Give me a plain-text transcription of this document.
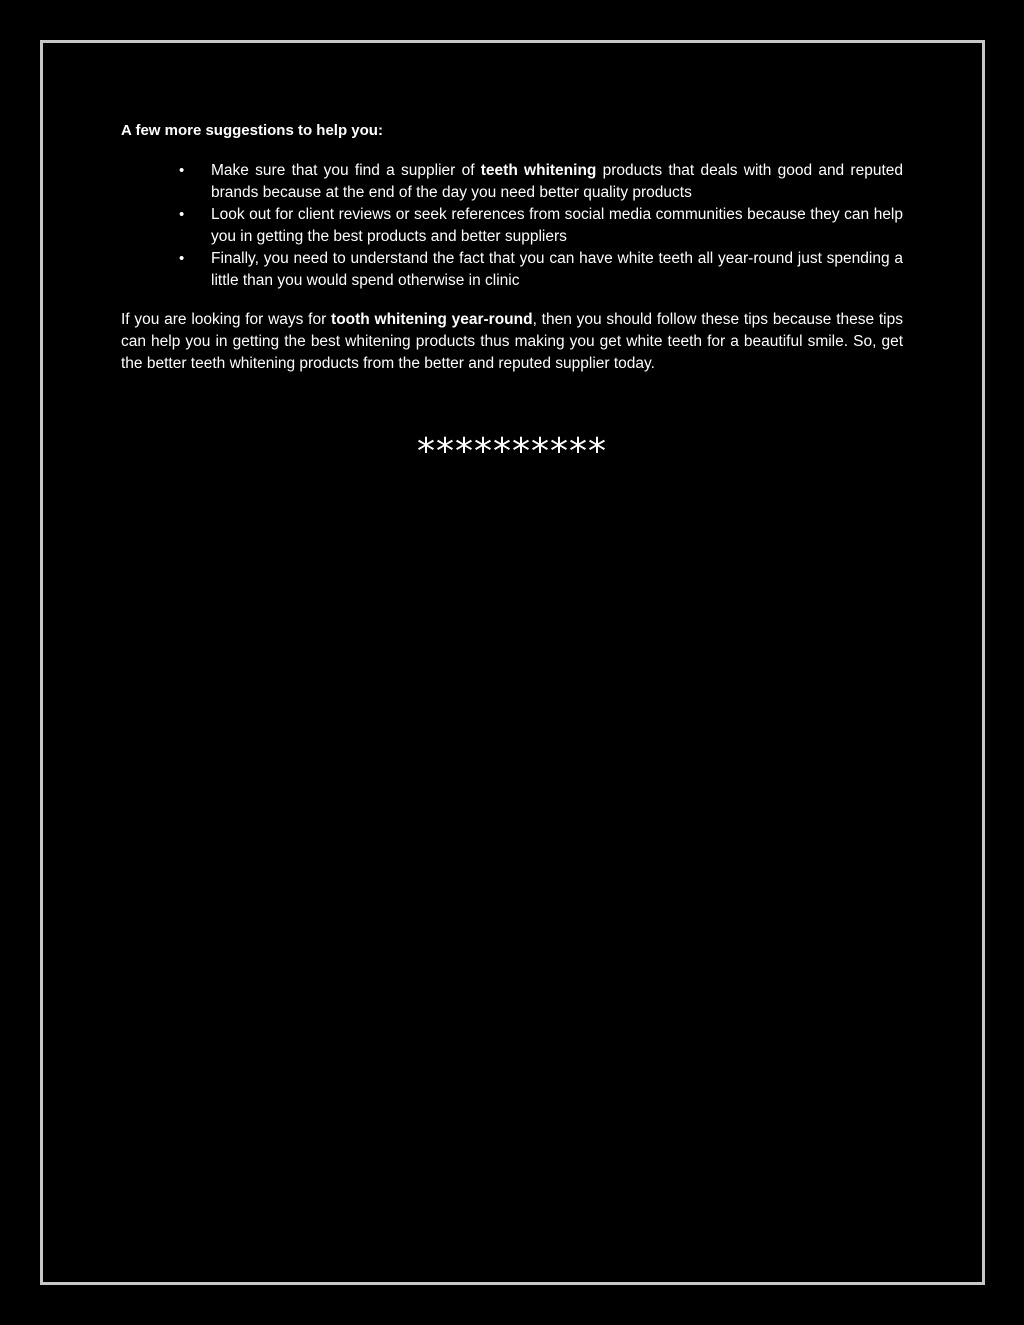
A few more suggestions to help you:

• Make sure that you find a supplier of teeth whitening products that deals with good and reputed brands because at the end of the day you need better quality products
• Look out for client reviews or seek references from social media communities because they can help you in getting the best products and better suppliers
• Finally, you need to understand the fact that you can have white teeth all year-round just spending a little than you would spend otherwise in clinic

If you are looking for ways for tooth whitening year-round, then you should follow these tips because these tips can help you in getting the best whitening products thus making you get white teeth for a beautiful smile. So, get the better teeth whitening products from the better and reputed supplier today.

**********
